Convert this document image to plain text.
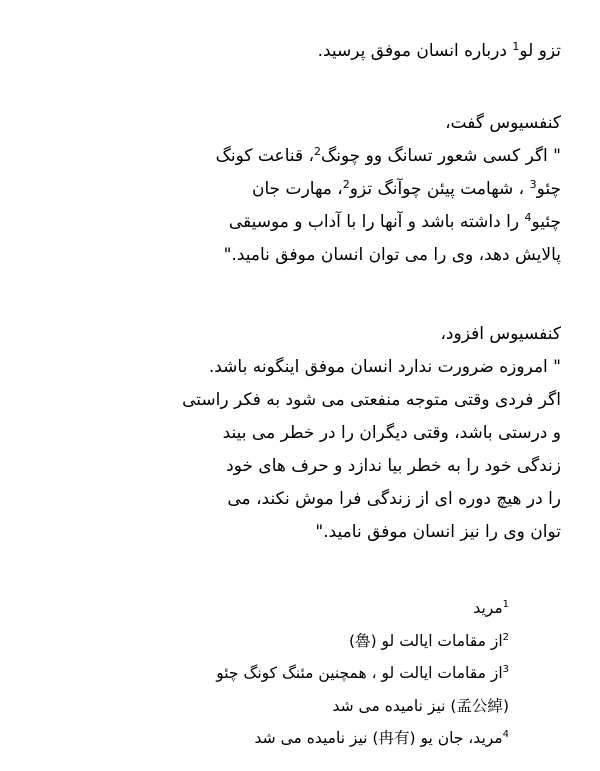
تزو لو$^1$ درباره انسان موفق پرسید.
کنفسیوس گفت،
" اگر کسی شعور تسانگ وو چونگ$^2$، قناعت کونگ
چئو$^3$ ، شهامت پیئن چوآنگ تزو$^2$، مهارت جان
چئیو$^4$ را داشته باشد و آنها را با آداب و موسیقی
پالایش دهد، وی را می توان انسان موفق نامید."
کنفسیوس افزود،
" امروزه ضرورت ندارد انسان موفق اینگونه باشد.
اگر فردی وقتی متوجه منفعتی می شود به فکر راستی
و درستی باشد، وقتی دیگران را در خطر می بیند
زندگی خود را به خطر بیا ندازد و حرف های خود
را در هیچ دوره ای از زندگی فرا موش نکند، می
توان وی را نیز انسان موفق نامید."
$^1$مرید
$^2$از مقامات ایالت لو (魯)
$^3$از مقامات ایالت لو ، همچنین مئنگ کونگ چئو
(孟公綽) نیز نامیده می شد
$^4$مرید، جان یو (冉有) نیز نامیده می شد
